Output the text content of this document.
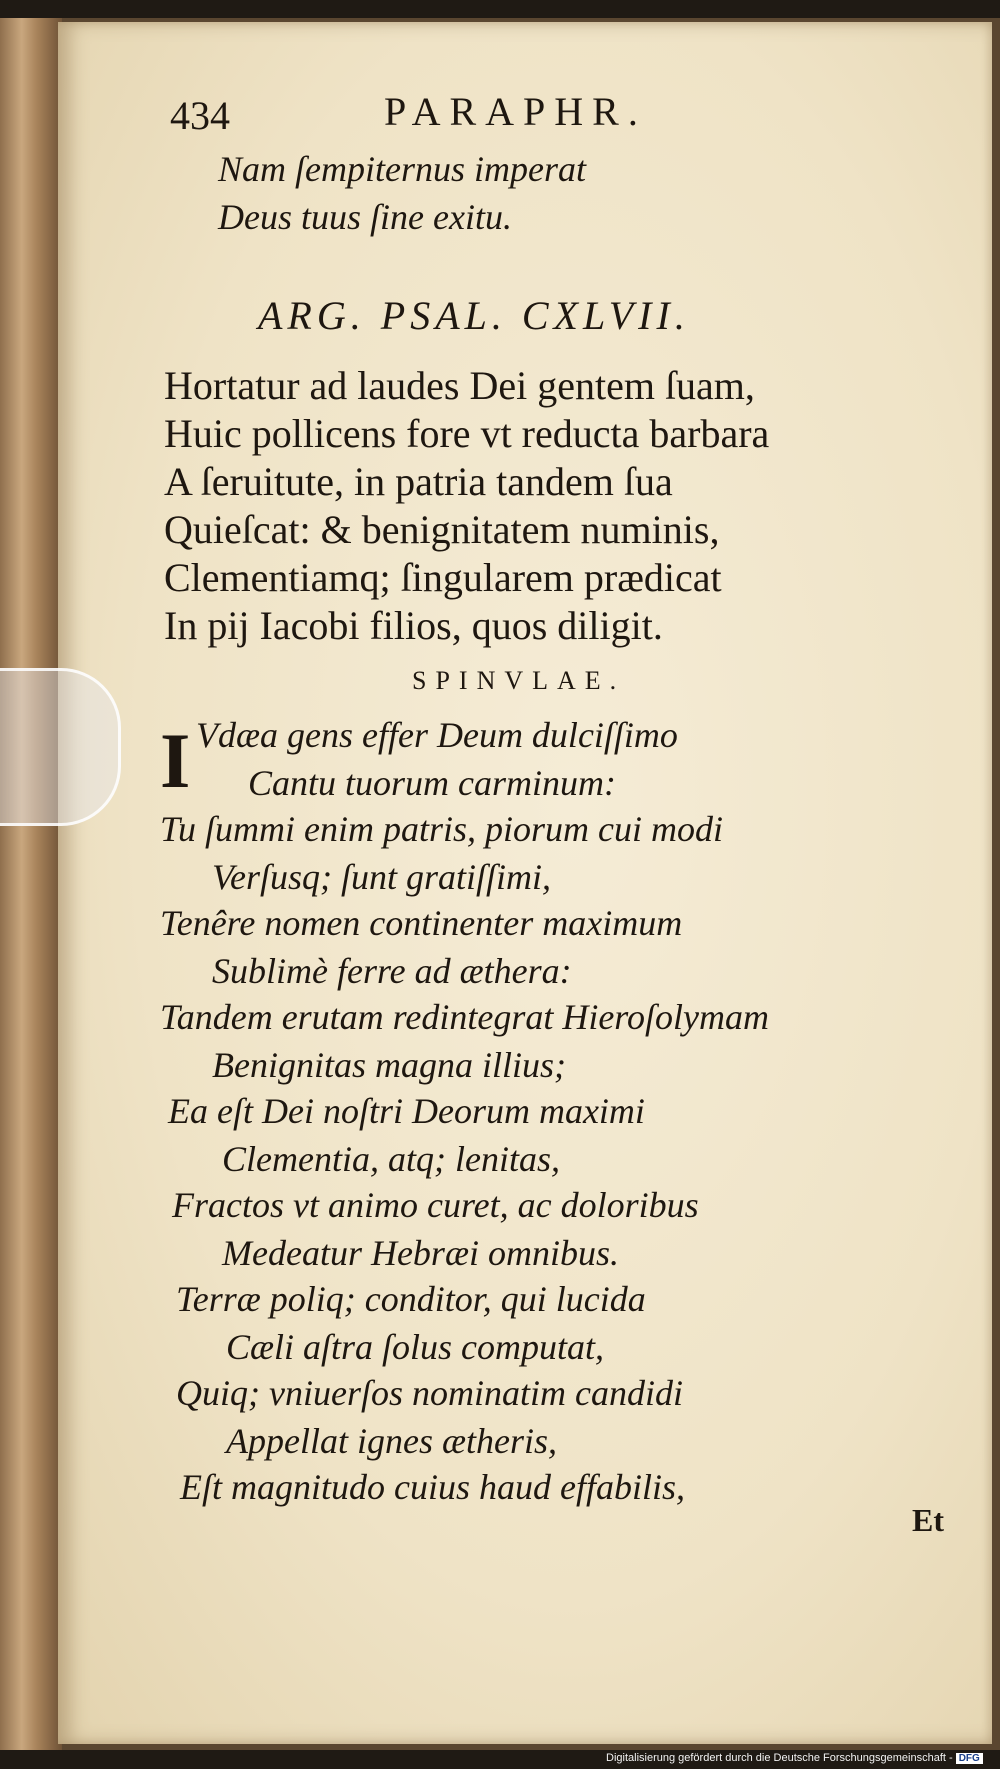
434	PARAPHR.
Nam ſempiternus imperat
Deus tuus ſine exitu.
ARG. PSAL. CXLVII.
Hortatur ad laudes Dei gentem ſuam,
Huic pollicens fore vt reducta barbara
A ſeruitute, in patria tandem ſua
Quieſcat: & benignitatem numinis,
Clementiamq; ſingularem prædicat
In pij Iacobi filios, quos diligit.
SPINVLAE.
I Vdæa gens effer Deum dulciſſimo
Cantu tuorum carminum:
Tu ſummi enim patris, piorum cui modi
Verſusq; ſunt gratiſſimi,
Tenêre nomen continenter maximum
Sublimè ferre ad æthera:
Tandem erutam redintegrat Hieroſolymam
Benignitas magna illius;
Ea eſt Dei noſtri Deorum maximi
Clementia, atq; lenitas,
Fractos vt animo curet, ac doloribus
Medeatur Hebræi omnibus.
Terræ poliq; conditor, qui lucida
Cæli aſtra ſolus computat,
Quiq; vniuerſos nominatim candidi
Appellat ignes ætheris,
Eſt magnitudo cuius haud effabilis,
Et
Digitalisierung gefördert durch die Deutsche Forschungsgemeinschaft - DFG
